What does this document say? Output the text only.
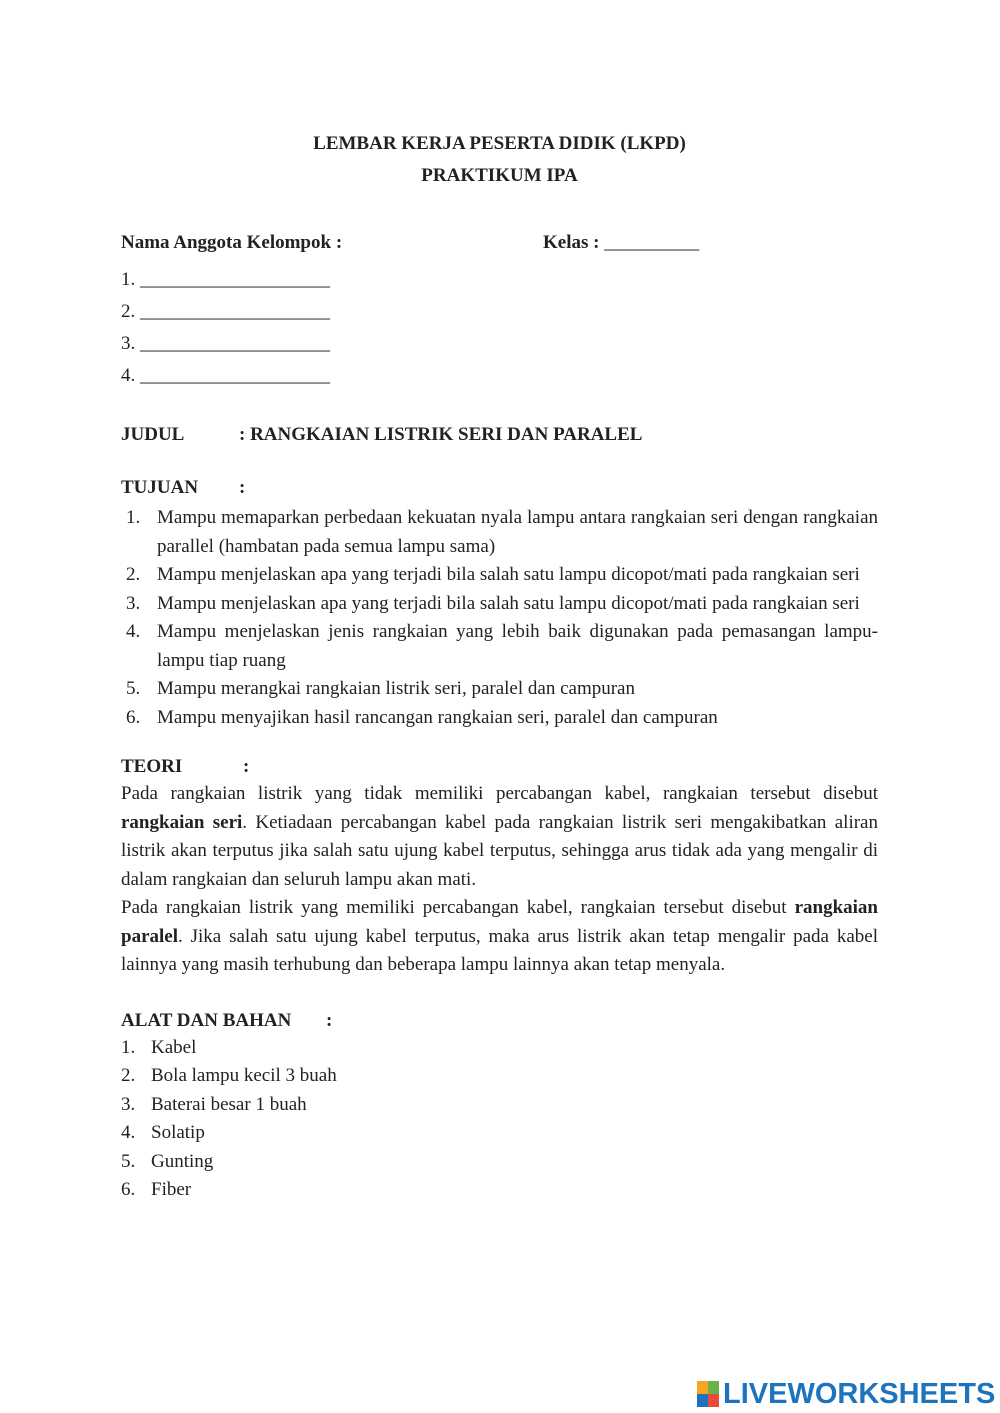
LEMBAR KERJA PESERTA DIDIK (LKPD)
PRAKTIKUM IPA
Nama Anggota Kelompok :	Kelas : __________
1. ____________________
2. ____________________
3. ____________________
4. ____________________
JUDUL	: RANGKAIAN LISTRIK SERI DAN PARALEL
TUJUAN :
1. Mampu memaparkan perbedaan kekuatan nyala lampu antara rangkaian seri dengan rangkaian parallel (hambatan pada semua lampu sama)
2. Mampu menjelaskan apa yang terjadi bila salah satu lampu dicopot/mati pada rangkaian seri
3. Mampu menjelaskan apa yang terjadi bila salah satu lampu dicopot/mati pada rangkaian seri
4. Mampu menjelaskan jenis rangkaian yang lebih baik digunakan pada pemasangan lampu-lampu tiap ruang
5. Mampu merangkai rangkaian listrik seri, paralel dan campuran
6. Mampu menyajikan hasil rancangan rangkaian seri, paralel dan campuran
TEORI	:

Pada rangkaian listrik yang tidak memiliki percabangan kabel, rangkaian tersebut disebut rangkaian seri. Ketiadaan percabangan kabel pada rangkaian listrik seri mengakibatkan aliran listrik akan terputus jika salah satu ujung kabel terputus, sehingga arus tidak ada yang mengalir di dalam rangkaian dan seluruh lampu akan mati.

Pada rangkaian listrik yang memiliki percabangan kabel, rangkaian tersebut disebut rangkaian paralel. Jika salah satu ujung kabel terputus, maka arus listrik akan tetap mengalir pada kabel lainnya yang masih terhubung dan beberapa lampu lainnya akan tetap menyala.

ALAT DAN BAHAN :
1. Kabel
2. Bola lampu kecil 3 buah
3. Baterai besar 1 buah
4. Solatip
5. Gunting
6. Fiber
LIVEWORKSHEETS
